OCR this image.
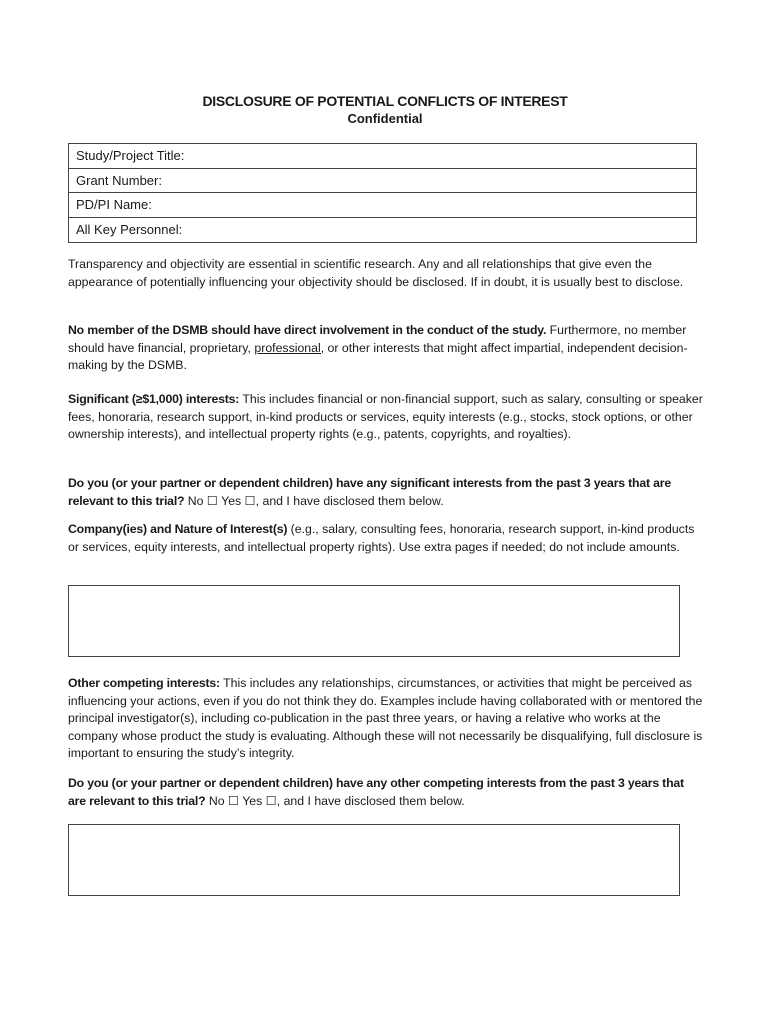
DISCLOSURE OF POTENTIAL CONFLICTS OF INTEREST
Confidential
Study/Project Title:
Grant Number:
PD/PI Name:
All Key Personnel:

Transparency and objectivity are essential in scientific research. Any and all relationships that give even the appearance of potentially influencing your objectivity should be disclosed. If in doubt, it is usually best to disclose.

No member of the DSMB should have direct involvement in the conduct of the study. Furthermore, no member should have financial, proprietary, professional, or other interests that might affect impartial, independent decision-making by the DSMB.

Significant (≥$1,000) interests: This includes financial or non-financial support, such as salary, consulting or speaker fees, honoraria, research support, in-kind products or services, equity interests (e.g., stocks, stock options, or other ownership interests), and intellectual property rights (e.g., patents, copyrights, and royalties).

Do you (or your partner or dependent children) have any significant interests from the past 3 years that are relevant to this trial? No ☐ Yes ☐, and I have disclosed them below.

Company(ies) and Nature of Interest(s) (e.g., salary, consulting fees, honoraria, research support, in-kind products or services, equity interests, and intellectual property rights). Use extra pages if needed; do not include amounts.

Other competing interests: This includes any relationships, circumstances, or activities that might be perceived as influencing your actions, even if you do not think they do. Examples include having collaborated with or mentored the principal investigator(s), including co-publication in the past three years, or having a relative who works at the company whose product the study is evaluating. Although these will not necessarily be disqualifying, full disclosure is important to ensuring the study’s integrity.

Do you (or your partner or dependent children) have any other competing interests from the past 3 years that are relevant to this trial? No ☐ Yes ☐, and I have disclosed them below.
